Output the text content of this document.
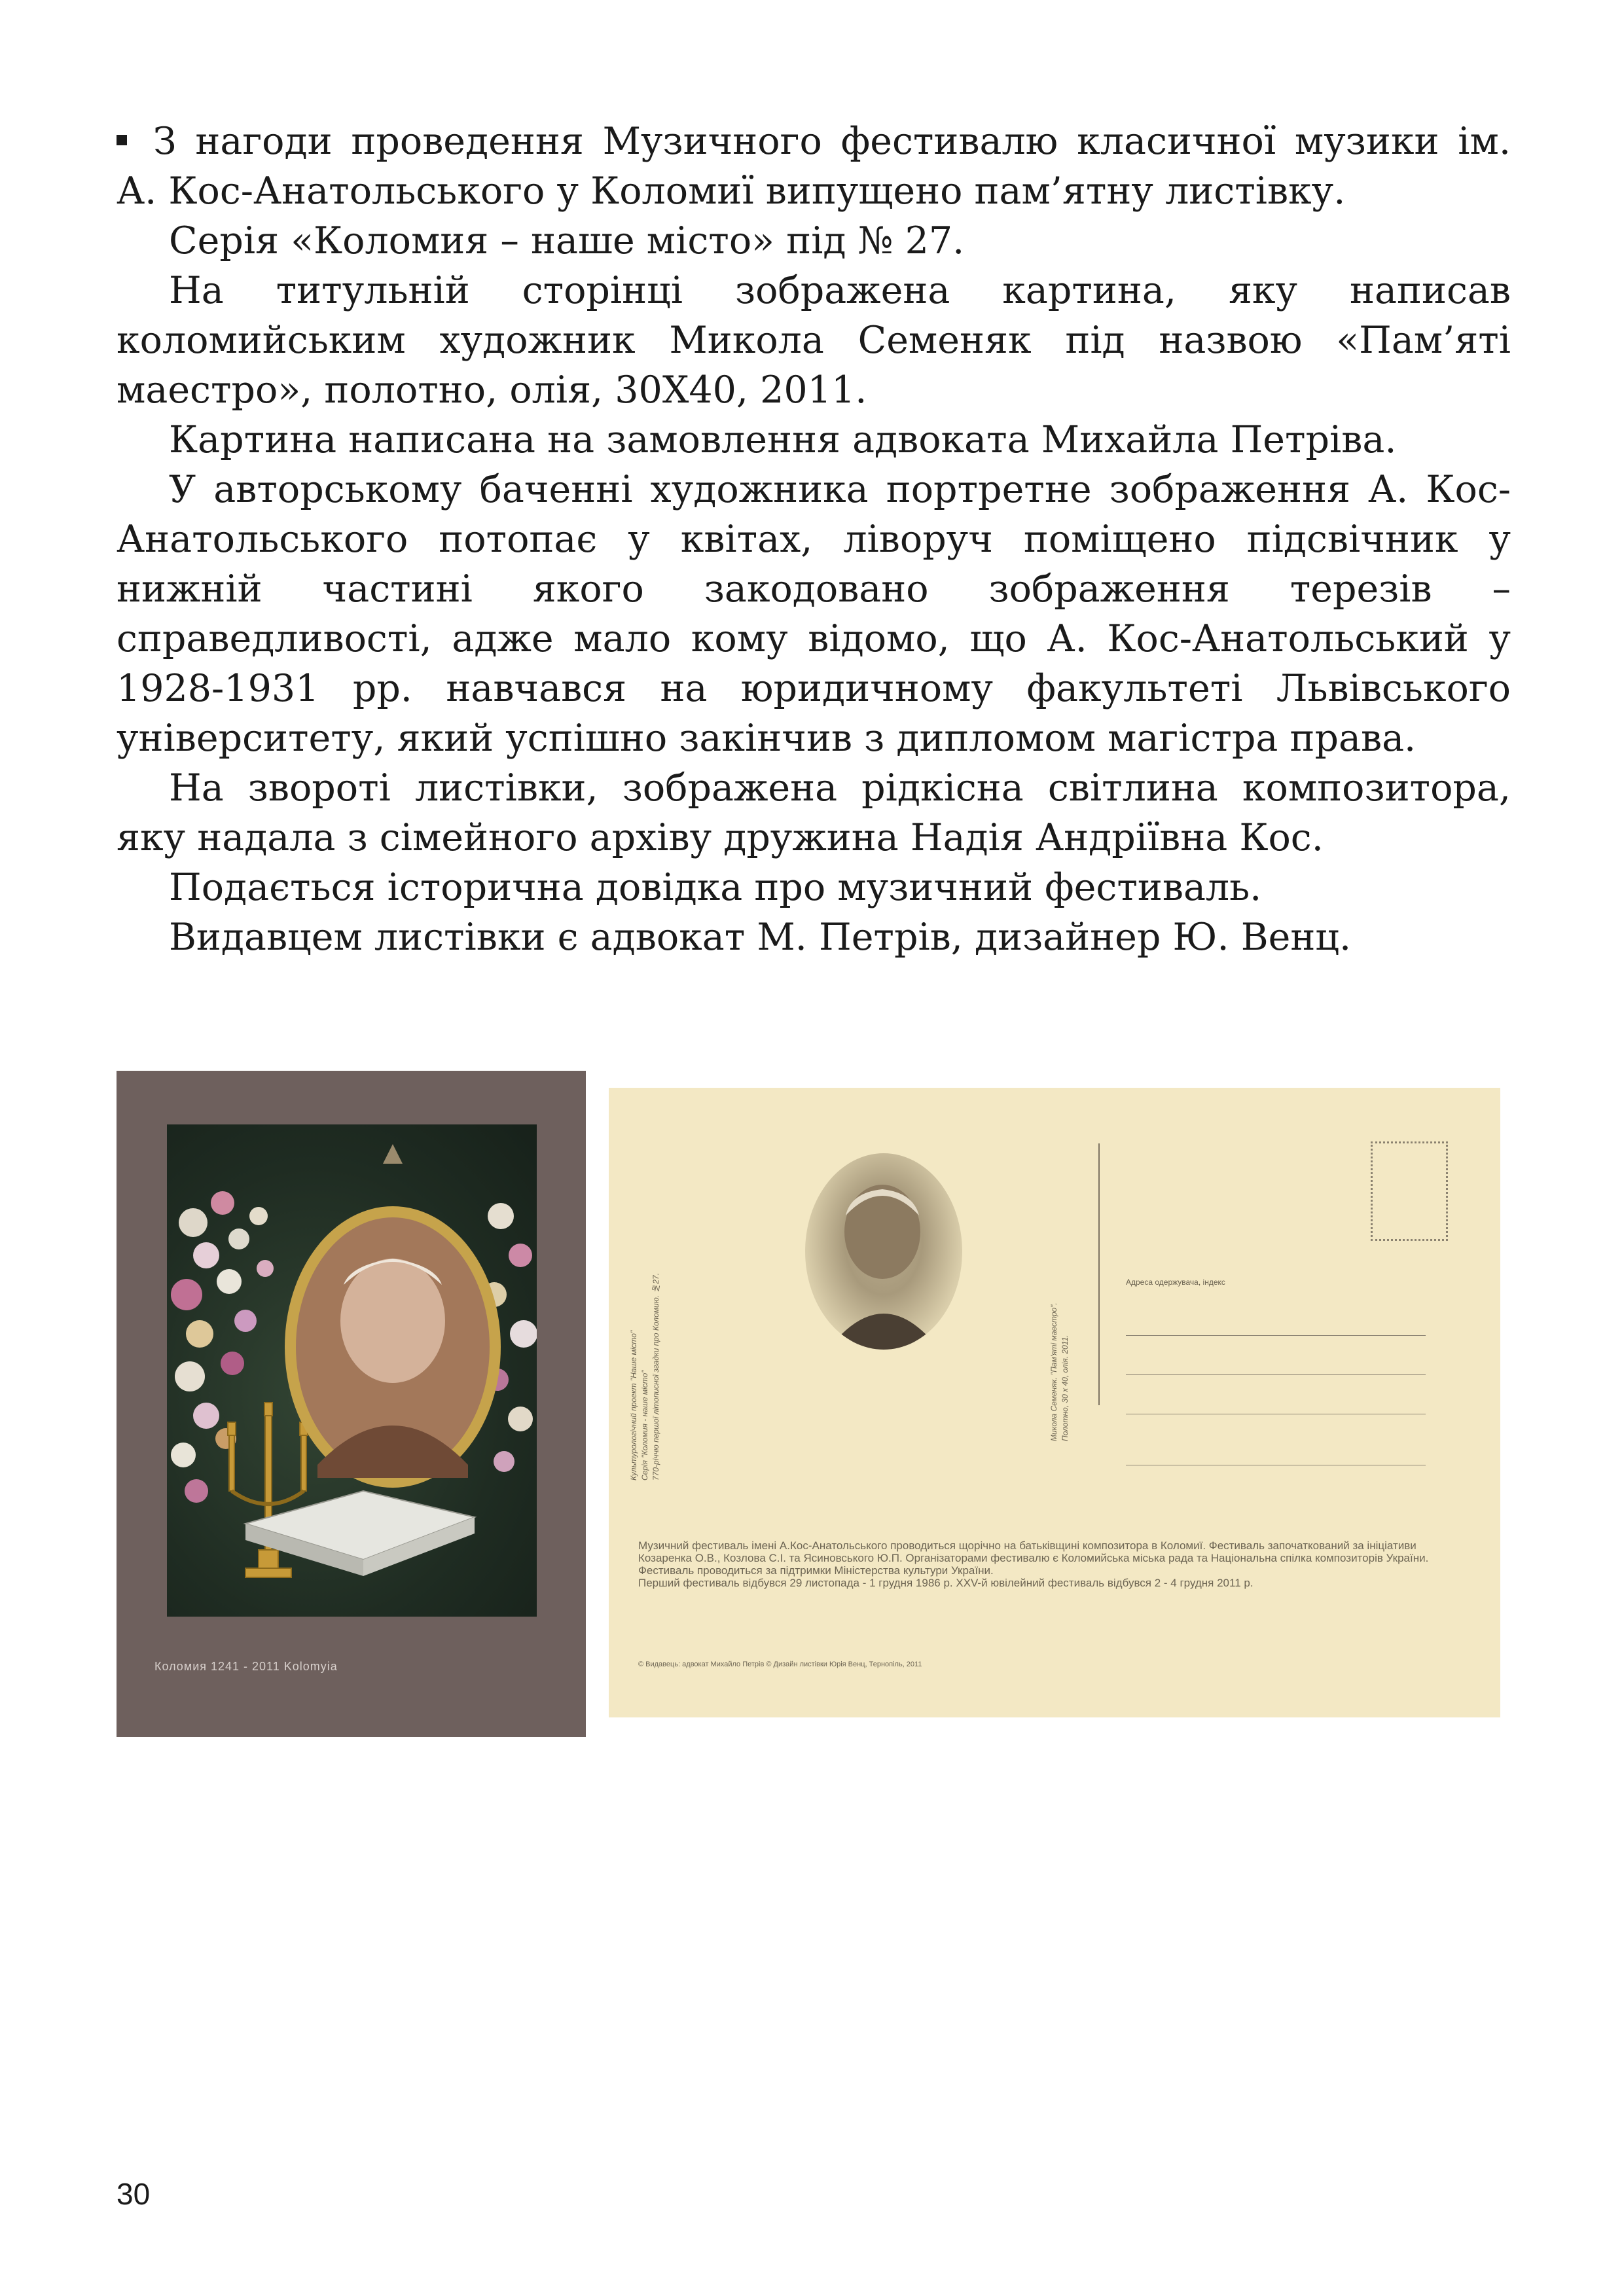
З нагоди проведення Музичного фестивалю класичної музики ім. А. Кос-Анатольського у Коломиї випущено пам’ятну листівку.

Серія «Коломия – наше місто» під № 27.

На титульній сторінці зображена картина, яку написав коломийським художник Микола Семеняк під назвою «Пам’яті маестро», полотно, олія, 30Х40, 2011.

Картина написана на замовлення адвоката Михайла Петріва.

У авторському баченні художника портретне зображення А. Кос-Анатольського потопає у квітах, ліворуч поміщено підсвічник у нижній частині якого закодовано зображення терезів – справедливості, адже мало кому відомо, що А. Кос-Анатольський у 1928-1931 рр. навчався на юридичному факультеті Львівського університету, який успішно закінчив з дипломом магістра права.

На звороті листівки, зображена рідкісна світлина композитора, яку надала з сімейного архіву дружина Надія Андріївна Кос.

Подається історична довідка про музичний фестиваль.

Видавцем листівки є адвокат М. Петрів, дизайнер Ю. Венц.

Коломия 1241 - 2011 Kolomyia
Культурологічний проект "Наше місто" Серія "Коломия - наше місто" 770-річчю першої літописної згадки про Коломию. №27.	Микола Семеняк. "Пам'яті маестро". Полотно, 30 х 40, олія. 2011.
Адреса одержувача, індекс

Музичний фестиваль імені А.Кос-Анатольського проводиться щорічно на батьківщині композитора в Коломиї. Фестиваль започаткований за ініціативи Козаренка О.В., Козлова С.І. та Ясиновського Ю.П. Організаторами фестивалю є Коломийська міська рада та Національна спілка композиторів України. Фестиваль проводиться за підтримки Міністерства культури України.

Перший фестиваль відбувся 29 листопада - 1 грудня 1986 р. XXV-й ювілейний фестиваль відбувся 2 - 4 грудня 2011 р.

© Видавець: адвокат Михайло Петрів © Дизайн листівки Юрія Венц, Тернопіль, 2011
30
